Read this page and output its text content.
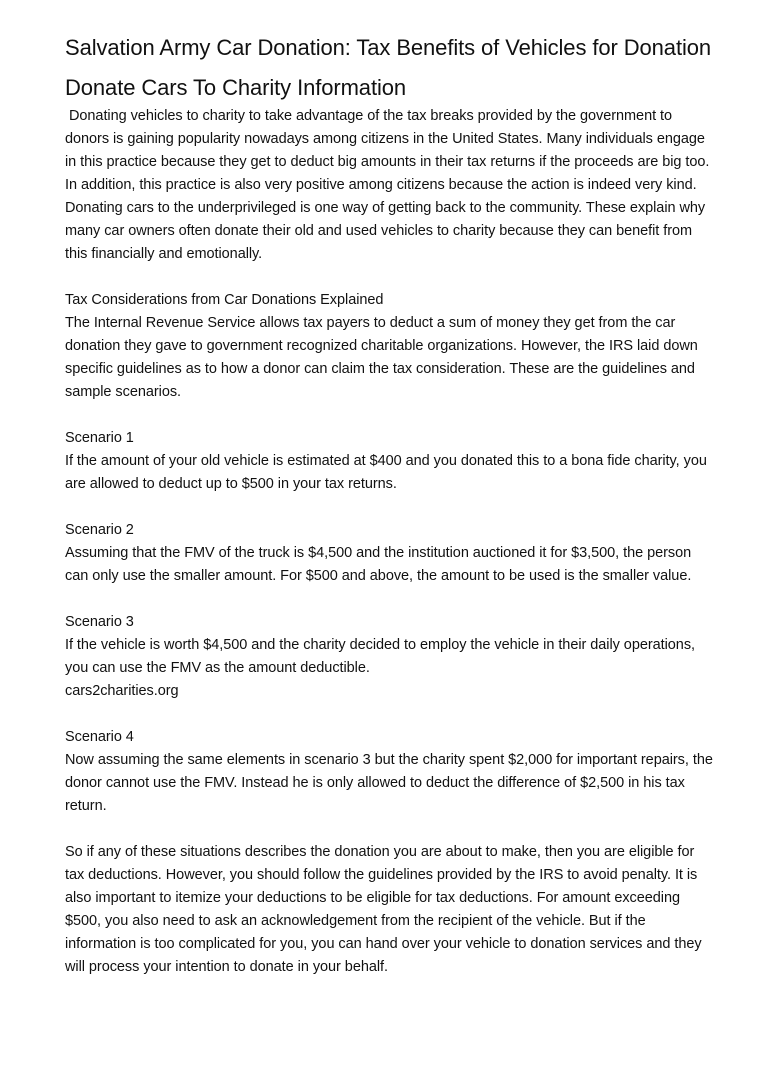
Salvation Army Car Donation: Tax Benefits of Vehicles for Donation
Donate Cars To Charity Information

Donating vehicles to charity to take advantage of the tax breaks provided by the government to donors is gaining popularity nowadays among citizens in the United States. Many individuals engage in this practice because they get to deduct big amounts in their tax returns if the proceeds are big too. In addition, this practice is also very positive among citizens because the action is indeed very kind. Donating cars to the underprivileged is one way of getting back to the community. These explain why many car owners often donate their old and used vehicles to charity because they can benefit from this financially and emotionally.

Tax Considerations from Car Donations Explained

The Internal Revenue Service allows tax payers to deduct a sum of money they get from the car donation they gave to government recognized charitable organizations. However, the IRS laid down specific guidelines as to how a donor can claim the tax consideration. These are the guidelines and sample scenarios.

Scenario 1

If the amount of your old vehicle is estimated at $400 and you donated this to a bona fide charity, you are allowed to deduct up to $500 in your tax returns.

Scenario 2

Assuming that the FMV of the truck is $4,500 and the institution auctioned it for $3,500, the person can only use the smaller amount. For $500 and above, the amount to be used is the smaller value.

Scenario 3

If the vehicle is worth $4,500 and the charity decided to employ the vehicle in their daily operations, you can use the FMV as the amount deductible.

cars2charities.org

Scenario 4

Now assuming the same elements in scenario 3 but the charity spent $2,000 for important repairs, the donor cannot use the FMV. Instead he is only allowed to deduct the difference of $2,500 in his tax return.

So if any of these situations describes the donation you are about to make, then you are eligible for tax deductions. However, you should follow the guidelines provided by the IRS to avoid penalty. It is also important to itemize your deductions to be eligible for tax deductions. For amount exceeding $500, you also need to ask an acknowledgement from the recipient of the vehicle. But if the information is too complicated for you, you can hand over your vehicle to donation services and they will process your intention to donate in your behalf.
